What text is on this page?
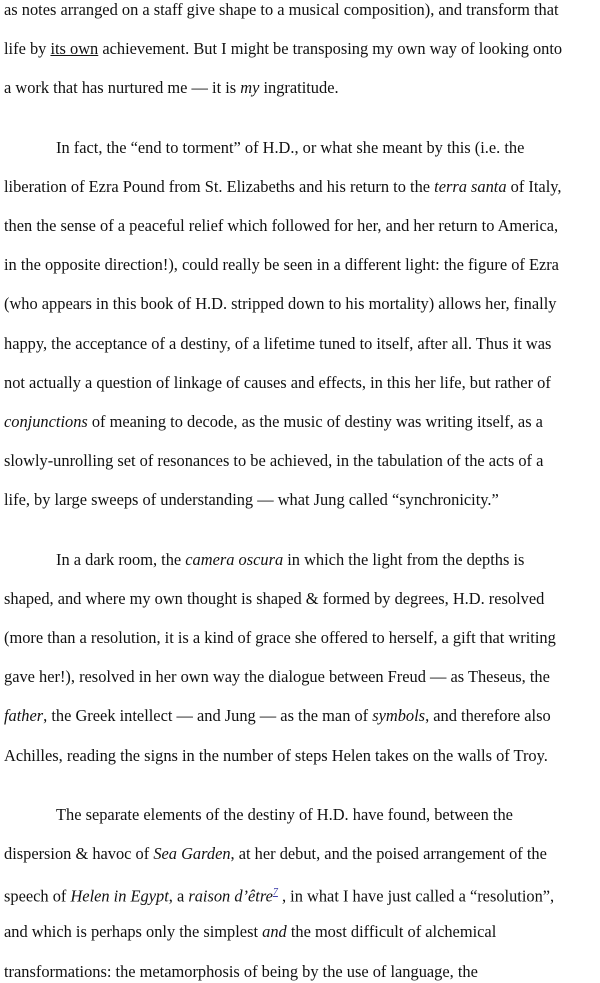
as notes arranged on a staff give shape to a musical composition), and transform that
life by its own achievement. But I might be transposing my own way of looking onto
a work that has nurtured me — it is my ingratitude.
In fact, the “end to torment” of H.D., or what she meant by this (i.e. the
liberation of Ezra Pound from St. Elizabeths and his return to the terra santa of Italy,
then the sense of a peaceful relief which followed for her, and her return to America,
in the opposite direction!), could really be seen in a different light: the figure of Ezra
(who appears in this book of H.D. stripped down to his mortality) allows her, finally
happy, the acceptance of a destiny, of a lifetime tuned to itself, after all. Thus it was
not actually a question of linkage of causes and effects, in this her life, but rather of
conjunctions of meaning to decode, as the music of destiny was writing itself, as a
slowly-unrolling set of resonances to be achieved, in the tabulation of the acts of a
life, by large sweeps of understanding — what Jung called “synchronicity.”
In a dark room, the camera oscura in which the light from the depths is
shaped, and where my own thought is shaped & formed by degrees, H.D. resolved
(more than a resolution, it is a kind of grace she offered to herself, a gift that writing
gave her!), resolved in her own way the dialogue between Freud — as Theseus, the
father, the Greek intellect — and Jung — as the man of symbols, and therefore also
Achilles, reading the signs in the number of steps Helen takes on the walls of Troy.
The separate elements of the destiny of H.D. have found, between the
dispersion & havoc of Sea Garden, at her debut, and the poised arrangement of the
speech of Helen in Egypt, a raison d’être$^7$ , in what I have just called a “resolution”,
and which is perhaps only the simplest and the most difficult of alchemical
transformations: the metamorphosis of being by the use of language, the
